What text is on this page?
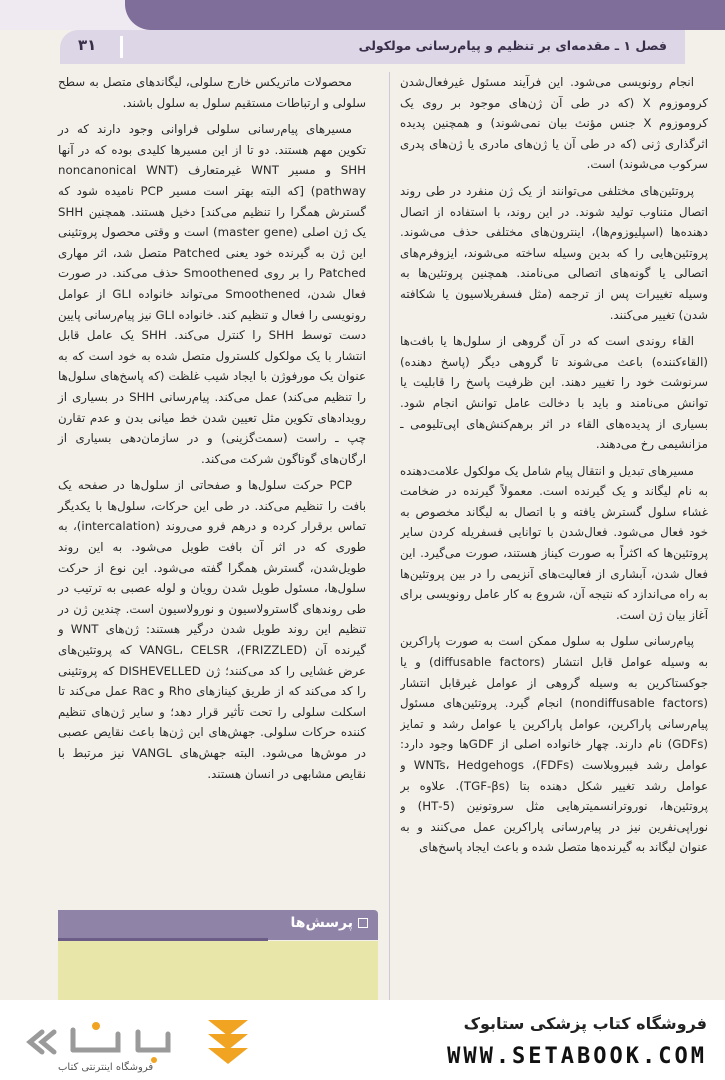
۳۱	فصل ۱ ـ مقدمه‌ای بر تنظیم و پیام‌رسانی مولکولی

انجام رونویسی می‌شود. این فرآیند مسئول غیرفعال‌شدن کروموزوم X (که در طی آن ژن‌های موجود بر روی یک کروموزوم X جنس مؤنث بیان نمی‌شوند) و همچنین پدیده اثرگذاری ژنی (که در طی آن یا ژن‌های مادری یا ژن‌های پدری سرکوب می‌شوند) است.

پروتئین‌های مختلفی می‌توانند از یک ژن منفرد در طی روند اتصال متناوب تولید شوند. در این روند، با استفاده از اتصال دهنده‌ها (اسپلیوزوم‌ها)، اینترون‌های مختلفی حذف می‌شوند. پروتئین‌هایی را که بدین وسیله ساخته می‌شوند، ایزوفرم‌های اتصالی یا گونه‌های اتصالی می‌نامند. همچنین پروتئین‌ها به وسیله تغییرات پس از ترجمه (مثل فسفریلاسیون یا شکافته شدن) تغییر می‌کنند.

القاء روندی است که در آن گروهی از سلول‌ها یا بافت‌ها (القاءکننده) باعث می‌شوند تا گروهی دیگر (پاسخ دهنده) سرنوشت خود را تغییر دهند. این ظرفیت پاسخ را قابلیت یا توانش می‌نامند و باید با دخالت عامل توانش انجام شود. بسیاری از پدیده‌های القاء در اثر برهم‌کنش‌های اپی‌تلیومی ـ مزانشیمی رخ می‌دهند.

مسیرهای تبدیل و انتقال پیام شامل یک مولکول علامت‌دهنده به نام لیگاند و یک گیرنده است. معمولاً گیرنده در ضخامت غشاء سلول گسترش یافته و با اتصال به لیگاند مخصوص به خود فعال می‌شود. فعال‌شدن با توانایی فسفریله کردن سایر پروتئین‌ها که اکثراً به صورت کیناز هستند، صورت می‌گیرد. این فعال شدن، آبشاری از فعالیت‌های آنزیمی را در بین پروتئین‌ها به راه می‌اندازد که نتیجه آن، شروع به کار عامل رونویسی برای آغاز بیان ژن است.

پیام‌رسانی سلول به سلول ممکن است به صورت پاراکرین به وسیله عوامل قابل انتشار (diffusable factors) و یا جوکستاکرین به وسیله گروهی از عوامل غیرقابل انتشار (nondiffusable factors) انجام گیرد. پروتئین‌های مسئول پیام‌رسانی پاراکرین، عوامل پاراکرین یا عوامل رشد و تمایز (GDFs) نام دارند. چهار خانواده اصلی از GDFها وجود دارد: عوامل رشد فیبروبلاست (FDFs)، WNTs، Hedgehogs و عوامل رشد تغییر شکل دهنده بتا (TGF-βs). علاوه بر پروتئین‌ها، نوروترانسمیترهایی مثل سروتونین (5-HT) و نوراپی‌نفرین نیز در پیام‌رسانی پاراکرین عمل می‌کنند و به عنوان لیگاند به گیرنده‌ها متصل شده و باعث ایجاد پاسخ‌های

محصولات ماتریکس خارج سلولی، لیگاندهای متصل به سطح سلولی و ارتباطات مستقیم سلول به سلول باشند.

مسیرهای پیام‌رسانی سلولی فراوانی وجود دارند که در تکوین مهم هستند. دو تا از این مسیرها کلیدی بوده که در آنها SHH و مسیر WNT غیرمتعارف (noncanonical WNT pathway) [که البته بهتر است مسیر PCP نامیده شود که گسترش همگرا را تنظیم می‌کند] دخیل هستند. همچنین SHH یک ژن اصلی (master gene) است و وقتی محصول پروتئینی این ژن به گیرنده خود یعنی Patched متصل شد، اثر مهاری Patched را بر روی Smoothened حذف می‌کند. در صورت فعال شدن، Smoothened می‌تواند خانواده GLI از عوامل رونویسی را فعال و تنظیم کند. خانواده GLI نیز پیام‌رسانی پایین دست توسط SHH را کنترل می‌کند. SHH یک عامل قابل انتشار با یک مولکول کلسترول متصل شده به خود است که به عنوان یک مورفوژن با ایجاد شیب غلظت (که پاسخ‌های سلول‌ها را تنظیم می‌کند) عمل می‌کند. پیام‌رسانی SHH در بسیاری از رویدادهای تکوین مثل تعیین شدن خط میانی بدن و عدم تقارن چپ ـ راست (سمت‌گزینی) و در سازمان‌دهی بسیاری از ارگان‌های گوناگون شرکت می‌کند.

PCP حرکت سلول‌ها و صفحاتی از سلول‌ها در صفحه یک بافت را تنظیم می‌کند. در طی این حرکات، سلول‌ها با یکدیگر تماس برقرار کرده و درهم فرو می‌روند (intercalation)، به طوری که در اثر آن بافت طویل می‌شود. به این روند طویل‌شدن، گسترش همگرا گفته می‌شود. این نوع از حرکت سلول‌ها، مسئول طویل شدن رویان و لوله عصبی به ترتیب در طی روندهای گاسترولاسیون و نورولاسیون است. چندین ژن در تنظیم این روند طویل شدن درگیر هستند: ژن‌های WNT و گیرنده آن (FRIZZLED)، VANGL، CELSR که پروتئین‌های عرض غشایی را کد می‌کنند؛ ژن DISHEVELLED که پروتئینی را کد می‌کند که از طریق کینازهای Rho و Rac عمل می‌کند تا اسکلت سلولی را تحت تأثیر قرار دهد؛ و سایر ژن‌های تنظیم کننده حرکات سلولی. جهش‌های این ژن‌ها باعث نقایص عصبی در موش‌ها می‌شود. البته جهش‌های VANGL نیز مرتبط با نقایص مشابهی در انسان هستند.

پرسش‌ها
فروشگاه اینترنتی کتاب
فروشگاه کتاب پزشکی ستابوک
WWW.SETABOOK.COM
